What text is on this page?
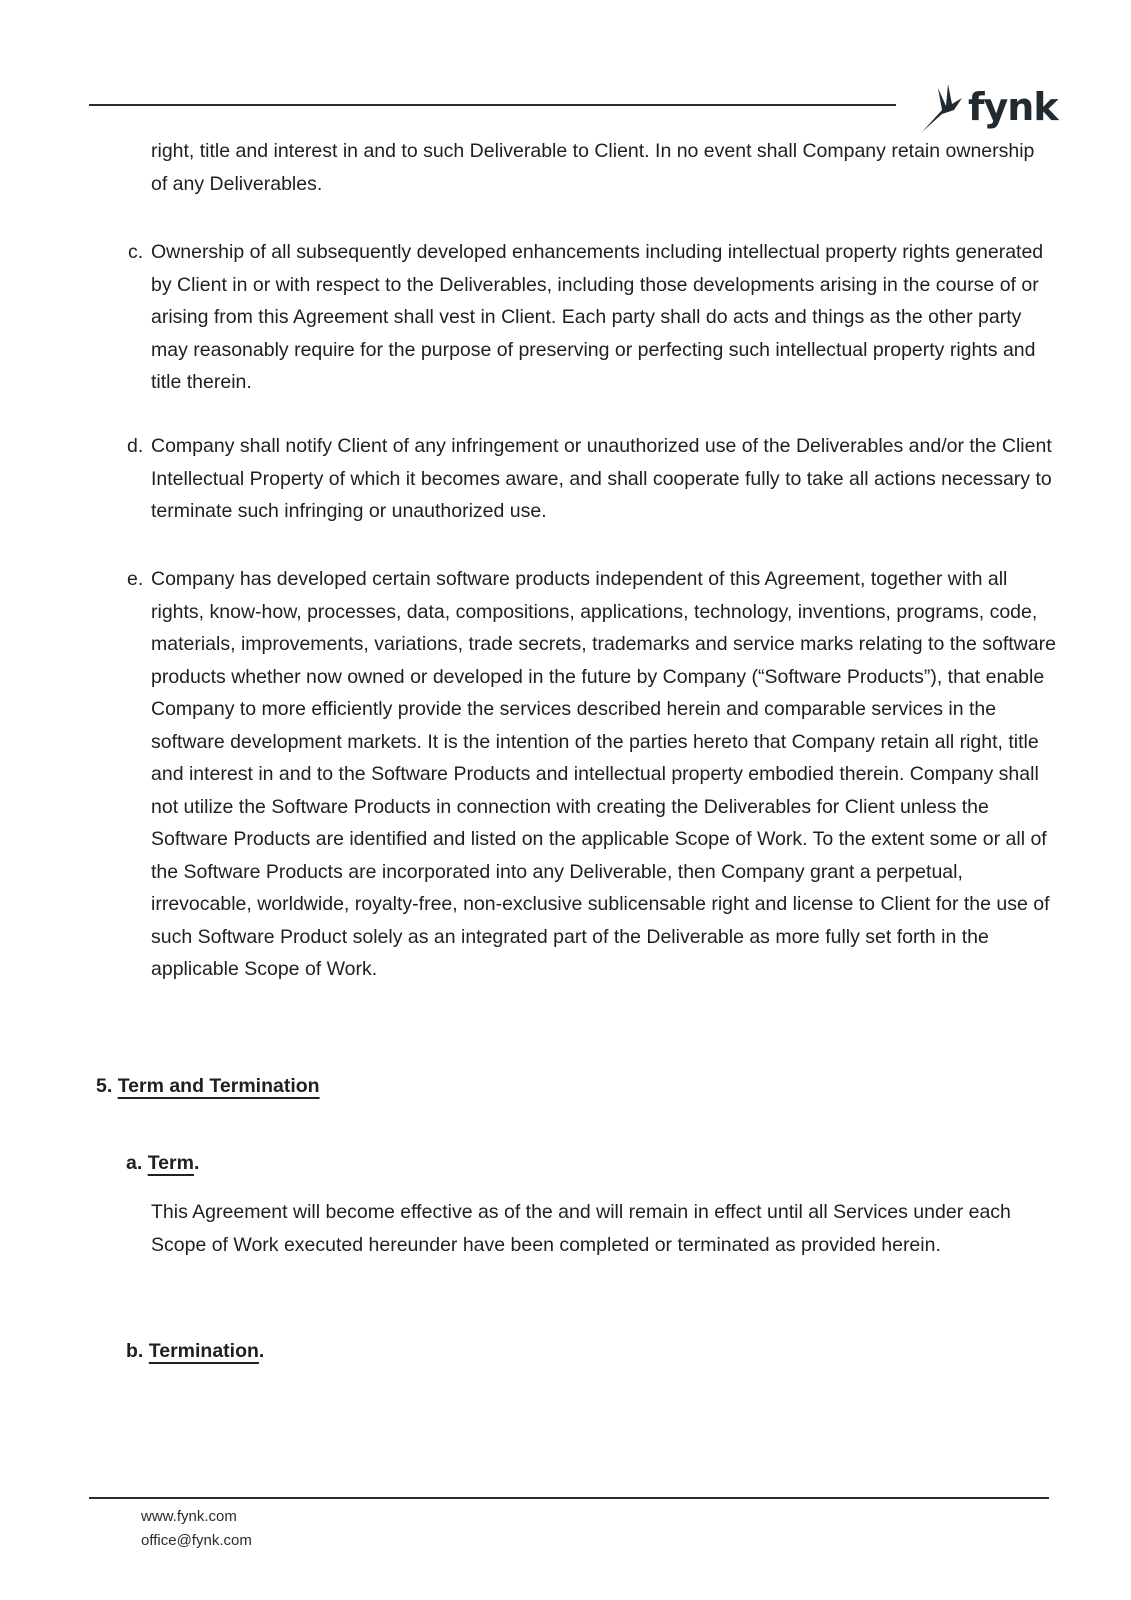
fynk
right, title and interest in and to such Deliverable to Client. In no event shall Company retain ownership of any Deliverables.
c. Ownership of all subsequently developed enhancements including intellectual property rights generated by Client in or with respect to the Deliverables, including those developments arising in the course of or arising from this Agreement shall vest in Client. Each party shall do acts and things as the other party may reasonably require for the purpose of preserving or perfecting such intellectual property rights and title therein.
d. Company shall notify Client of any infringement or unauthorized use of the Deliverables and/or the Client Intellectual Property of which it becomes aware, and shall cooperate fully to take all actions necessary to terminate such infringing or unauthorized use.
e. Company has developed certain software products independent of this Agreement, together with all rights, know-how, processes, data, compositions, applications, technology, inventions, programs, code, materials, improvements, variations, trade secrets, trademarks and service marks relating to the software products whether now owned or developed in the future by Company (“Software Products”), that enable Company to more efficiently provide the services described herein and comparable services in the software development markets. It is the intention of the parties hereto that Company retain all right, title and interest in and to the Software Products and intellectual property embodied therein. Company shall not utilize the Software Products in connection with creating the Deliverables for Client unless the Software Products are identified and listed on the applicable Scope of Work. To the extent some or all of the Software Products are incorporated into any Deliverable, then Company grant a perpetual, irrevocable, worldwide, royalty-free, non-exclusive sublicensable right and license to Client for the use of such Software Product solely as an integrated part of the Deliverable as more fully set forth in the applicable Scope of Work.
5. Term and Termination
a. Term.
This Agreement will become effective as of the and will remain in effect until all Services under each Scope of Work executed hereunder have been completed or terminated as provided herein.
b. Termination.
www.fynk.com
office@fynk.com
